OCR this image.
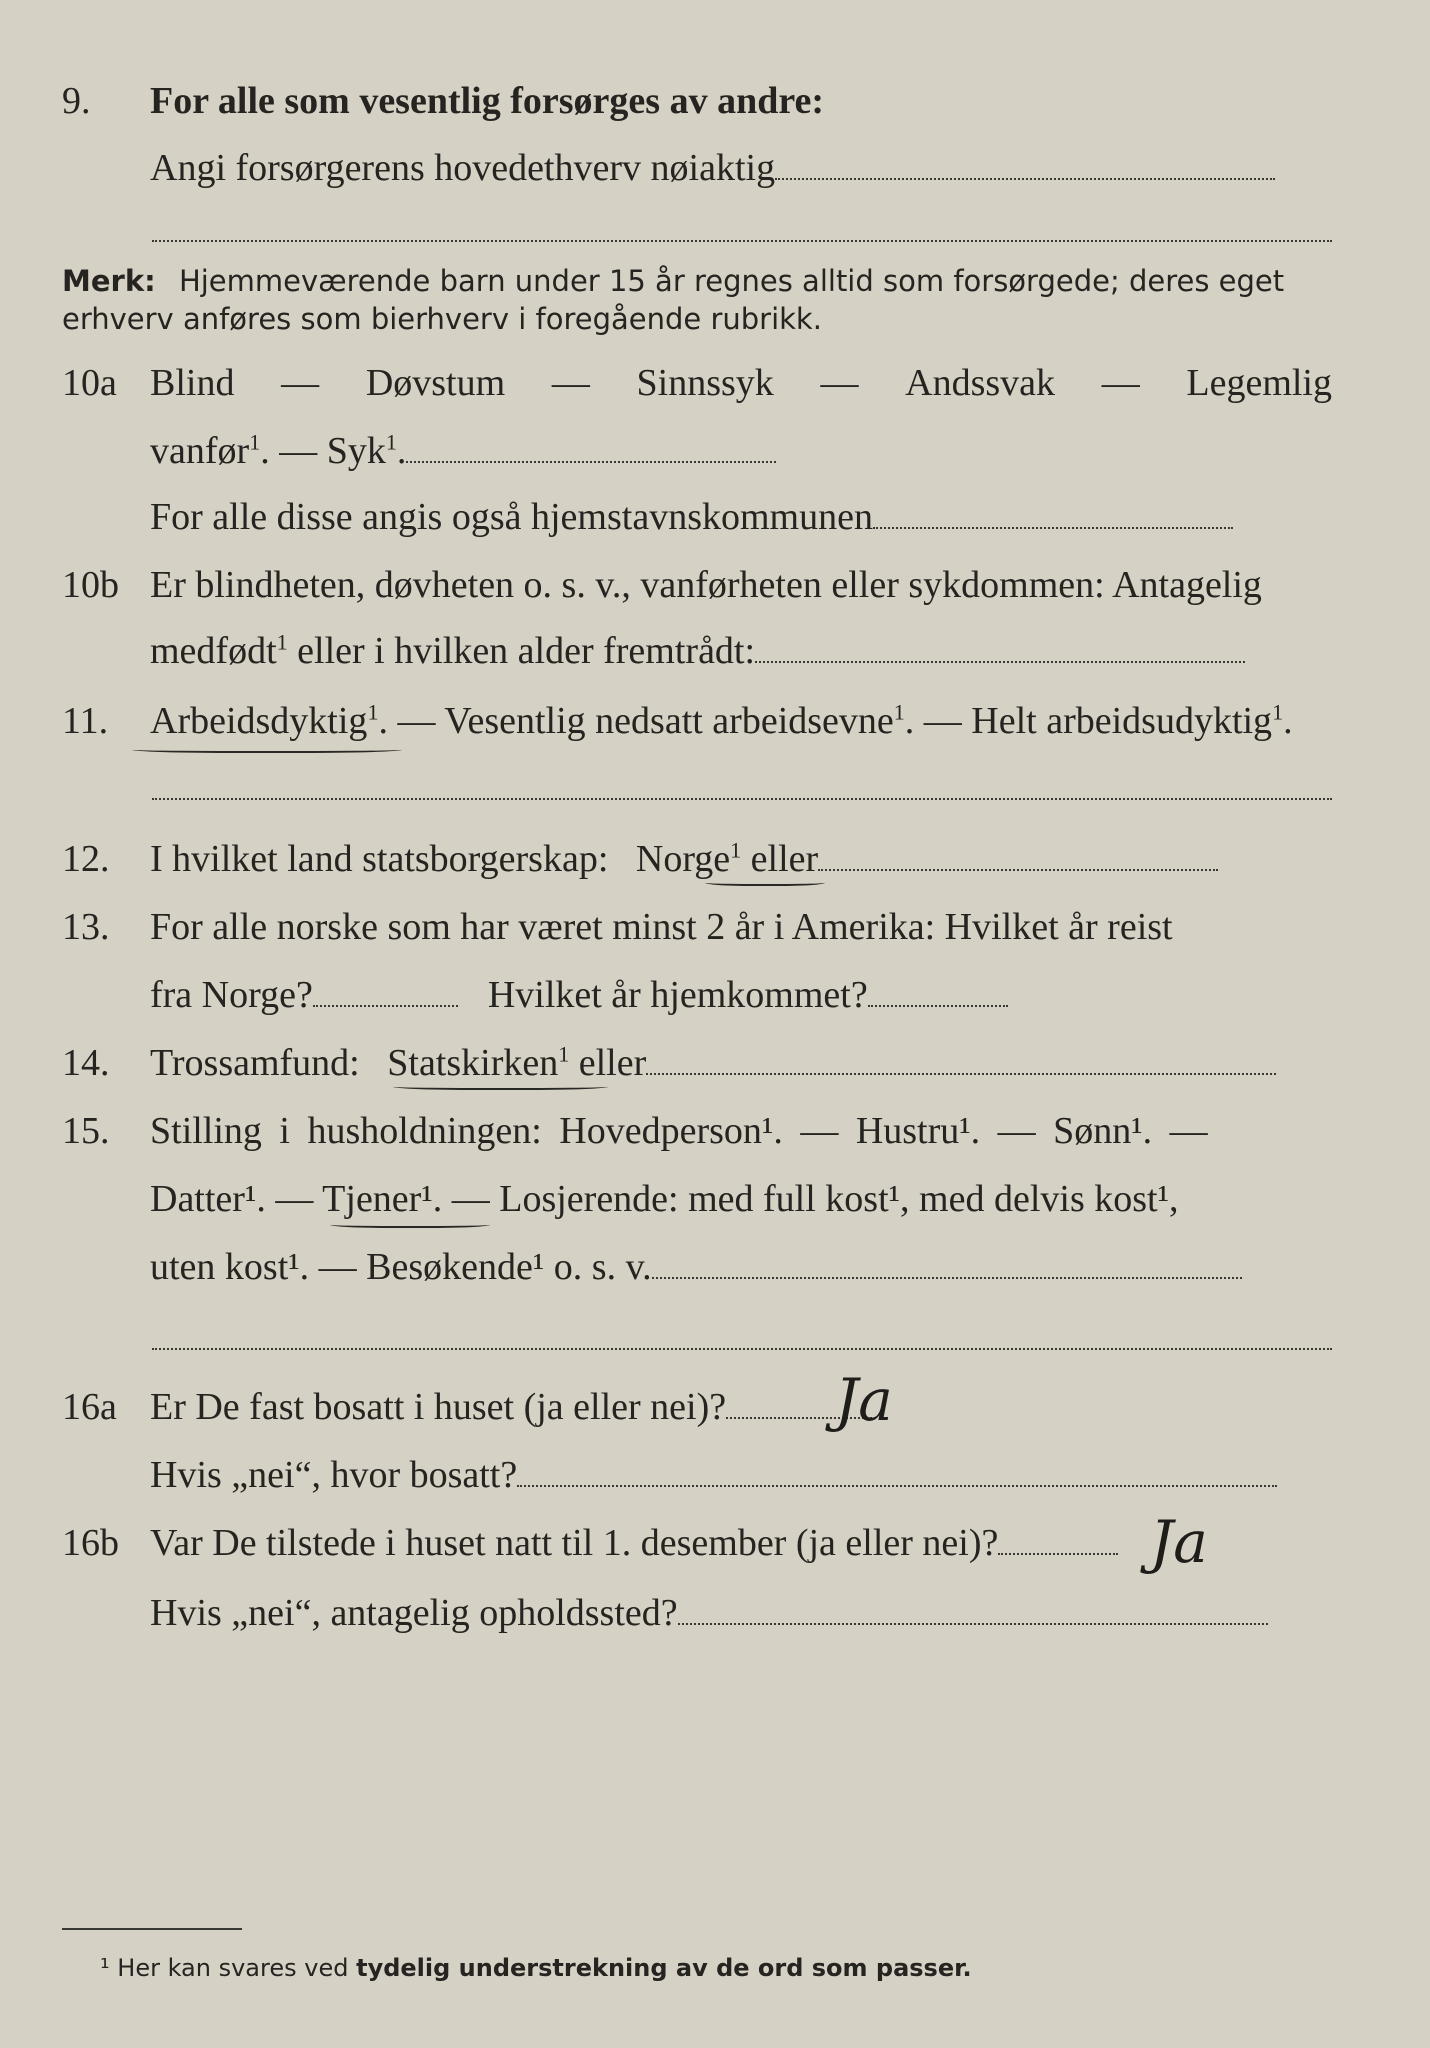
9. For alle som vesentlig forsørges av andre:
Angi forsørgerens hovedethverv nøiaktig
Merk: Hjemmeværende barn under 15 år regnes alltid som forsørgede; deres eget erhverv anføres som bierhverv i foregående rubrikk.
10a Blind — Døvstum — Sinnssyk — Andssvak — Legemlig
vanfør$^1$. — Syk$^1$.
For alle disse angis også hjemstavnskommunen
10b Er blindheten, døvheten o. s. v., vanførheten eller sykdommen: Antagelig
medfødt$^1$ eller i hvilken alder fremtrådt:
11. Arbeidsdyktig$^1$. — Vesentlig nedsatt arbeidsevne$^1$. — Helt arbeidsudyktig$^1$.
12. I hvilket land statsborgerskap: Norge$^1$ eller
13. For alle norske som har været minst 2 år i Amerika: Hvilket år reist
fra Norge?	Hvilket år hjemkommet?
14. Trossamfund: Statskirken$^1$ eller
15. Stilling i husholdningen: Hovedperson¹. — Hustru¹. — Sønn¹. —
Datter¹. — Tjener¹. — Losjerende: med full kost¹, med delvis kost¹,
uten kost¹. — Besøkende¹ o. s. v.
16a Er De fast bosatt i huset (ja eller nei)?	Ja
Hvis „nei“, hvor bosatt?
16b Var De tilstede i huset natt til 1. desember (ja eller nei)?	Ja
Hvis „nei“, antagelig opholdssted?
¹ Her kan svares ved tydelig understrekning av de ord som passer.
